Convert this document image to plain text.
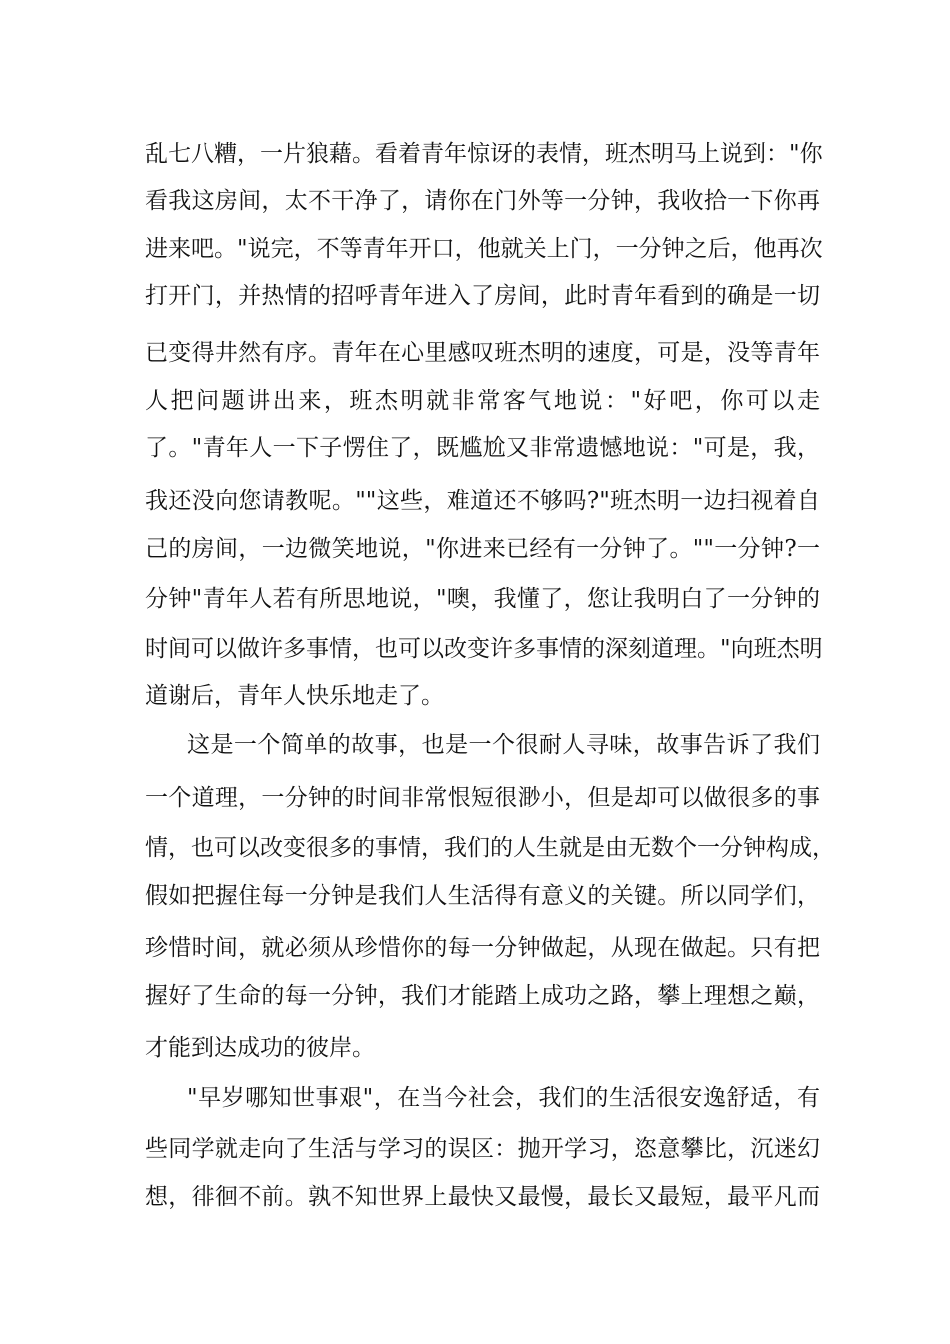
乱七八糟，一片狼藉。看着青年惊讶的表情，班杰明马上说到："你
看我这房间，太不干净了，请你在门外等一分钟，我收拾一下你再
进来吧。"说完，不等青年开口，他就关上门，一分钟之后，他再次
打开门，并热情的招呼青年进入了房间，此时青年看到的确是一切
已变得井然有序。青年在心里感叹班杰明的速度，可是，没等青年
人把问题讲出来，班杰明就非常客气地说："好吧，你可以走
了。"青年人一下子愣住了，既尴尬又非常遗憾地说："可是，我，
我还没向您请教呢。""这些，难道还不够吗?"班杰明一边扫视着自
己的房间，一边微笑地说，"你进来已经有一分钟了。""一分钟?一
分钟"青年人若有所思地说，"噢，我懂了，您让我明白了一分钟的
时间可以做许多事情，也可以改变许多事情的深刻道理。"向班杰明
道谢后，青年人快乐地走了。
这是一个简单的故事，也是一个很耐人寻味，故事告诉了我们
一个道理，一分钟的时间非常恨短很渺小，但是却可以做很多的事
情，也可以改变很多的事情，我们的人生就是由无数个一分钟构成，
假如把握住每一分钟是我们人生活得有意义的关键。所以同学们，
珍惜时间，就必须从珍惜你的每一分钟做起，从现在做起。只有把
握好了生命的每一分钟，我们才能踏上成功之路，攀上理想之巅，
才能到达成功的彼岸。
"早岁哪知世事艰"，在当今社会，我们的生活很安逸舒适，有
些同学就走向了生活与学习的误区：抛开学习，恣意攀比，沉迷幻
想，徘徊不前。孰不知世界上最快又最慢，最长又最短，最平凡而
